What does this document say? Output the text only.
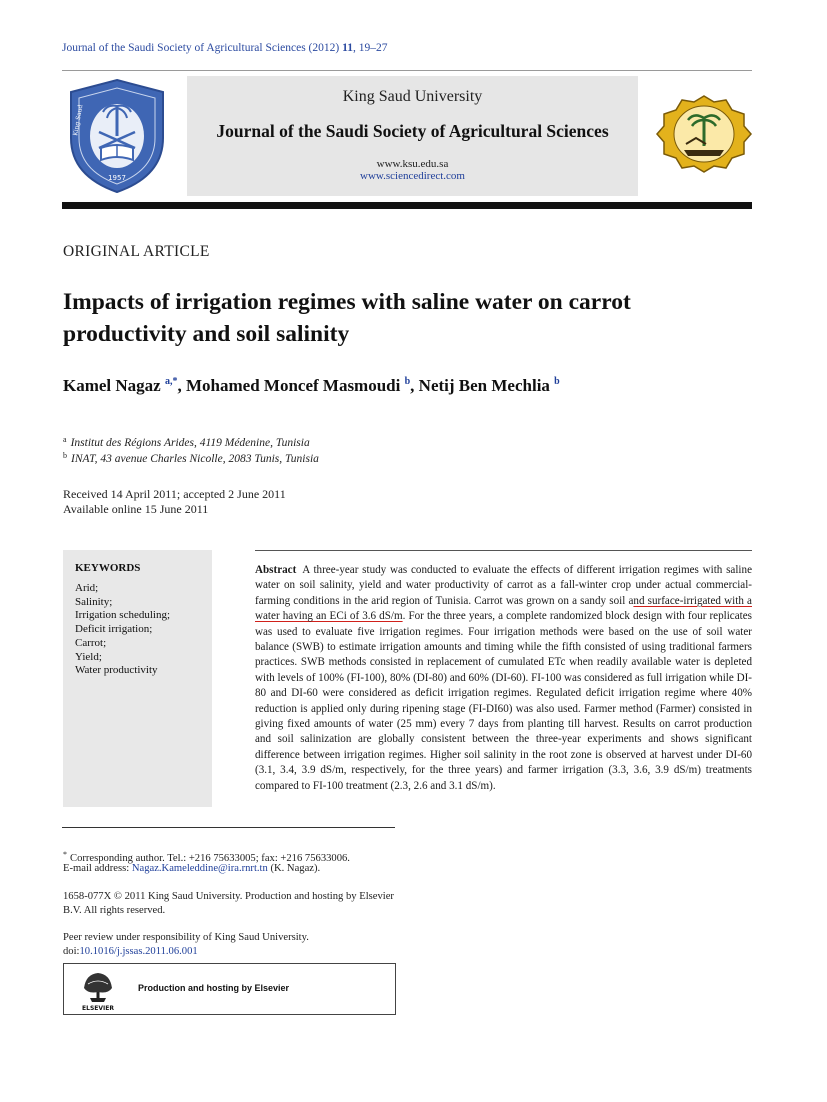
Journal of the Saudi Society of Agricultural Sciences (2012) 11, 19–27
1957
King Saud
King Saud University
Journal of the Saudi Society of Agricultural Sciences
www.ksu.edu.sa
www.sciencedirect.com
ORIGINAL ARTICLE
Impacts of irrigation regimes with saline water on carrot productivity and soil salinity
Kamel Nagaz $^{a,*}$, Mohamed Moncef Masmoudi $^b$, Netij Ben Mechlia $^b$
$^a$ Institut des Régions Arides, 4119 Médenine, Tunisia
$^b$ INAT, 43 avenue Charles Nicolle, 2083 Tunis, Tunisia
Received 14 April 2011; accepted 2 June 2011
Available online 15 June 2011
KEYWORDS
Arid;
Salinity;
Irrigation scheduling;
Deficit irrigation;
Carrot;
Yield;
Water productivity
Abstract A three-year study was conducted to evaluate the effects of different irrigation regimes with saline water on soil salinity, yield and water productivity of carrot as a fall-winter crop under actual commercial-farming conditions in the arid region of Tunisia. Carrot was grown on a sandy soil and surface-irrigated with a water having an ECi of 3.6 dS/m. For the three years, a complete randomized block design with four replicates was used to evaluate five irrigation regimes. Four irrigation methods were based on the use of soil water balance (SWB) to estimate irrigation amounts and timing while the fifth consisted of using traditional farmers practices. SWB methods consisted in replacement of cumulated ETc when readily available water is depleted with levels of 100% (FI-100), 80% (DI-80) and 60% (DI-60). FI-100 was considered as full irrigation while DI-80 and DI-60 were considered as deficit irrigation regimes. Regulated deficit irrigation regime where 40% reduction is applied only during ripening stage (FI-DI60) was also used. Farmer method (Farmer) consisted in giving fixed amounts of water (25 mm) every 7 days from planting till harvest. Results on carrot production and soil salinization are globally consistent between the three-year experiments and shows significant difference between irrigation regimes. Higher soil salinity in the root zone is observed at harvest under DI-60 (3.1, 3.4, 3.9 dS/m, respectively, for the three years) and farmer irrigation (3.3, 3.6, 3.9 dS/m) treatments compared to FI-100 treatment (2.3, 2.6 and 3.1 dS/m).
* Corresponding author. Tel.: +216 75633005; fax: +216 75633006.
E-mail address: Nagaz.Kameleddine@ira.rnrt.tn (K. Nagaz).
1658-077X © 2011 King Saud University. Production and hosting by Elsevier B.V. All rights reserved.
Peer review under responsibility of King Saud University.
doi:10.1016/j.jssas.2011.06.001
ELSEVIER
Production and hosting by Elsevier
